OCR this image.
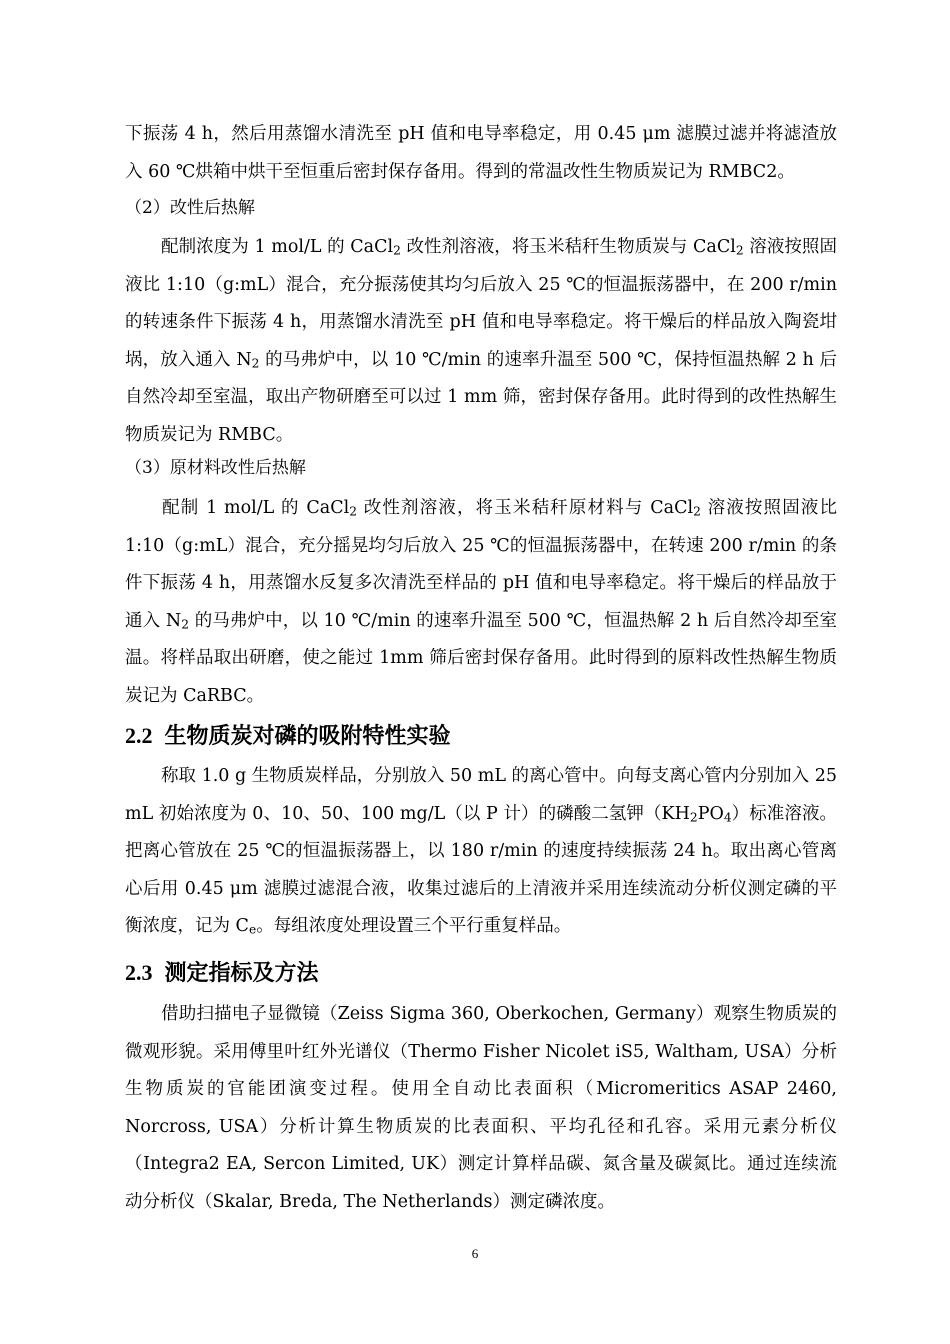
下振荡 4 h，然后用蒸馏水清洗至 pH 值和电导率稳定，用 0.45 μm 滤膜过滤并将滤渣放入 60 ℃烘箱中烘干至恒重后密封保存备用。得到的常温改性生物质炭记为 RMBC2。

（2）改性后热解

配制浓度为 1 mol/L 的 CaCl$_2$ 改性剂溶液，将玉米秸秆生物质炭与 CaCl$_2$ 溶液按照固液比 1:10（g:mL）混合，充分振荡使其均匀后放入 25 ℃的恒温振荡器中，在 200 r/min 的转速条件下振荡 4 h，用蒸馏水清洗至 pH 值和电导率稳定。将干燥后的样品放入陶瓷坩埚，放入通入 $N_2$ 的马弗炉中，以 10 ℃/min 的速率升温至 500 ℃，保持恒温热解 2 h 后自然冷却至室温，取出产物研磨至可以过 1 mm 筛，密封保存备用。此时得到的改性热解生物质炭记为 RMBC。

（3）原材料改性后热解

配制 1 mol/L 的 CaCl$_2$ 改性剂溶液，将玉米秸秆原材料与 CaCl$_2$ 溶液按照固液比 1:10（g:mL）混合，充分摇晃均匀后放入 25 ℃的恒温振荡器中，在转速 200 r/min 的条件下振荡 4 h，用蒸馏水反复多次清洗至样品的 pH 值和电导率稳定。将干燥后的样品放于通入 $N_2$ 的马弗炉中，以 10 ℃/min 的速率升温至 500 ℃，恒温热解 2 h 后自然冷却至室温。将样品取出研磨，使之能过 1mm 筛后密封保存备用。此时得到的原料改性热解生物质炭记为 CaRBC。

2.2 生物质炭对磷的吸附特性实验

称取 1.0 g 生物质炭样品，分别放入 50 mL 的离心管中。向每支离心管内分别加入 25 mL 初始浓度为 0、10、50、100 mg/L（以 P 计）的磷酸二氢钾$(KH_2PO_4)$标准溶液。把离心管放在 25 ℃的恒温振荡器上，以 180 r/min 的速度持续振荡 24 h。取出离心管离心后用 0.45 μm 滤膜过滤混合液，收集过滤后的上清液并采用连续流动分析仪测定磷的平衡浓度，记为 $C_e$。每组浓度处理设置三个平行重复样品。

2.3 测定指标及方法

借助扫描电子显微镜（Zeiss Sigma 360, Oberkochen, Germany）观察生物质炭的微观形貌。采用傅里叶红外光谱仪（Thermo Fisher Nicolet iS5, Waltham, USA）分析生物质炭的官能团演变过程。使用全自动比表面积（Micromeritics ASAP 2460, Norcross, USA）分析计算生物质炭的比表面积、平均孔径和孔容。采用元素分析仪（Integra2 EA, Sercon Limited, UK）测定计算样品碳、氮含量及碳氮比。通过连续流动分析仪（Skalar, Breda, The Netherlands）测定磷浓度。

6
